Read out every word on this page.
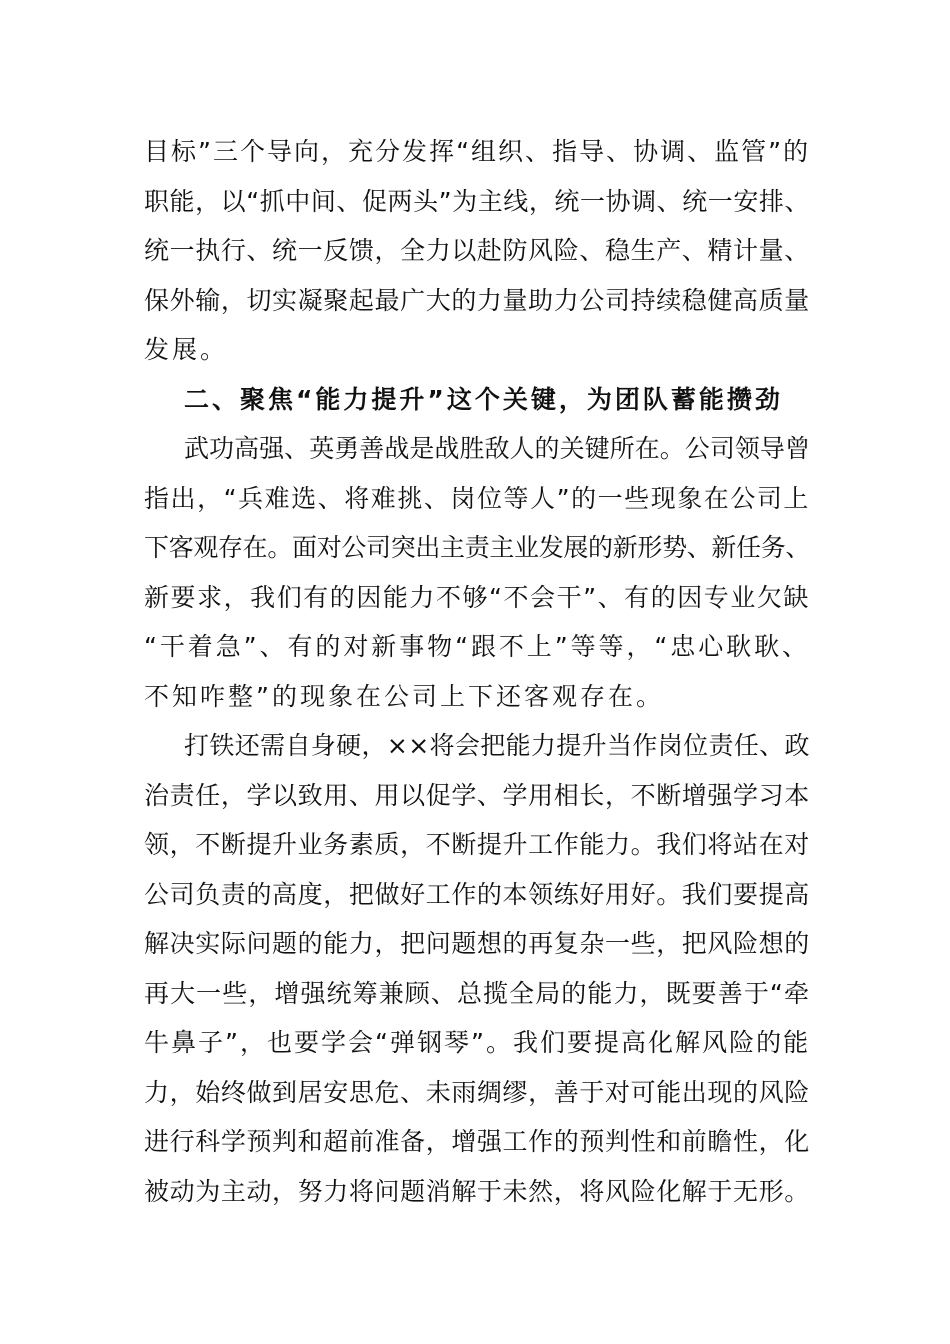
目标”三个导向，充分发挥“组织、指导、协调、监管”的
职能，以“抓中间、促两头”为主线，统一协调、统一安排、
统一执行、统一反馈，全力以赴防风险、稳生产、精计量、
保外输，切实凝聚起最广大的力量助力公司持续稳健高质量
发展。

二、聚焦“能力提升”这个关键，为团队蓄能攒劲

武功高强、英勇善战是战胜敌人的关键所在。公司领导曾
指出，“兵难选、将难挑、岗位等人”的一些现象在公司上
下客观存在。面对公司突出主责主业发展的新形势、新任务、
新要求，我们有的因能力不够“不会干”、有的因专业欠缺
“干着急”、有的对新事物“跟不上”等等，“忠心耿耿、
不知咋整”的现象在公司上下还客观存在。

打铁还需自身硬，××将会把能力提升当作岗位责任、政
治责任，学以致用、用以促学、学用相长，不断增强学习本
领，不断提升业务素质，不断提升工作能力。我们将站在对
公司负责的高度，把做好工作的本领练好用好。我们要提高
解决实际问题的能力，把问题想的再复杂一些，把风险想的
再大一些，增强统筹兼顾、总揽全局的能力，既要善于“牵
牛鼻子”，也要学会“弹钢琴”。我们要提高化解风险的能
力，始终做到居安思危、未雨绸缪，善于对可能出现的风险
进行科学预判和超前准备，增强工作的预判性和前瞻性，化
被动为主动，努力将问题消解于未然，将风险化解于无形。
